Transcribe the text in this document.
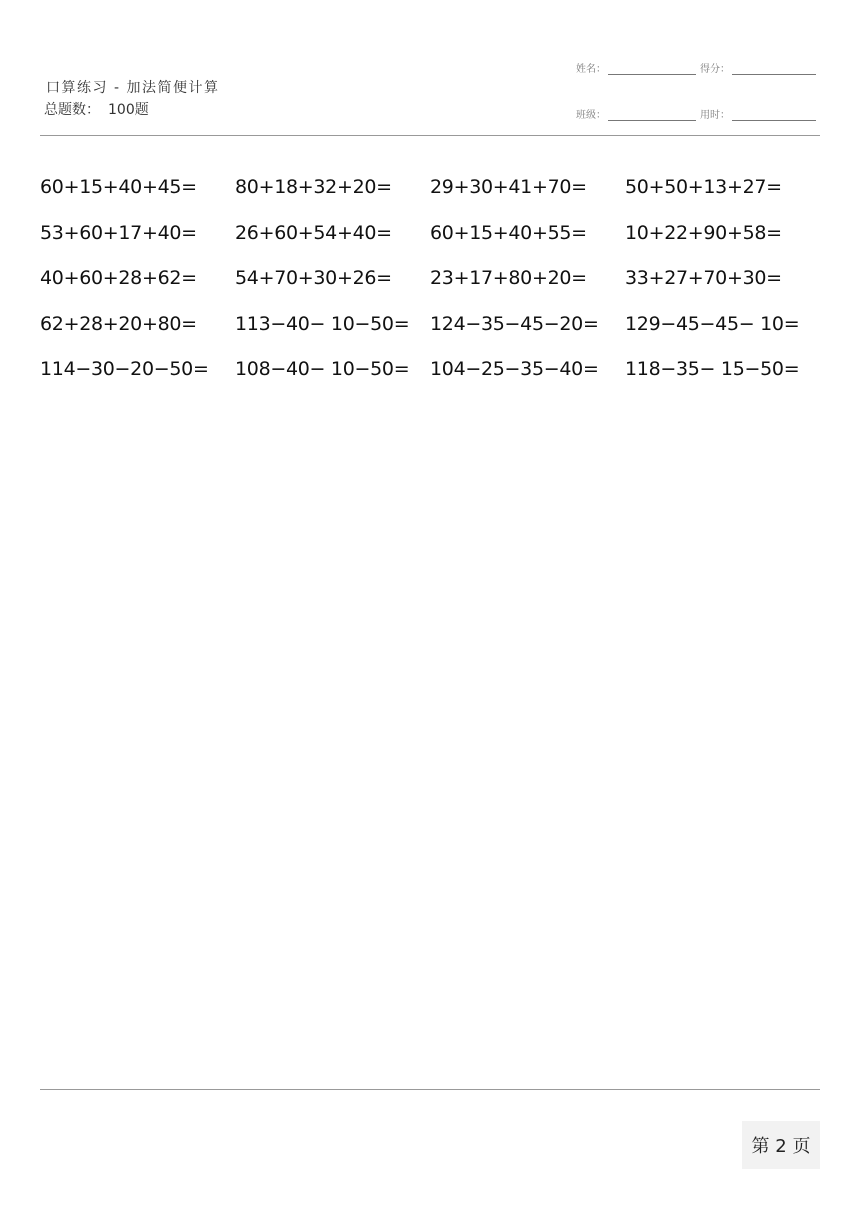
口算练习 - 加法简便计算
总题数： 100题
姓名：	得分：
班级：	用时：
60+15+40+45=	80+18+32+20=	29+30+41+70=	50+50+13+27=
53+60+17+40=	26+60+54+40=	60+15+40+55=	10+22+90+58=
40+60+28+62=	54+70+30+26=	23+17+80+20=	33+27+70+30=
62+28+20+80=	113−40− 10−50=	124−35−45−20=	129−45−45− 10=
114−30−20−50=	108−40− 10−50=	104−25−35−40=	118−35− 15−50=
第 2 页
